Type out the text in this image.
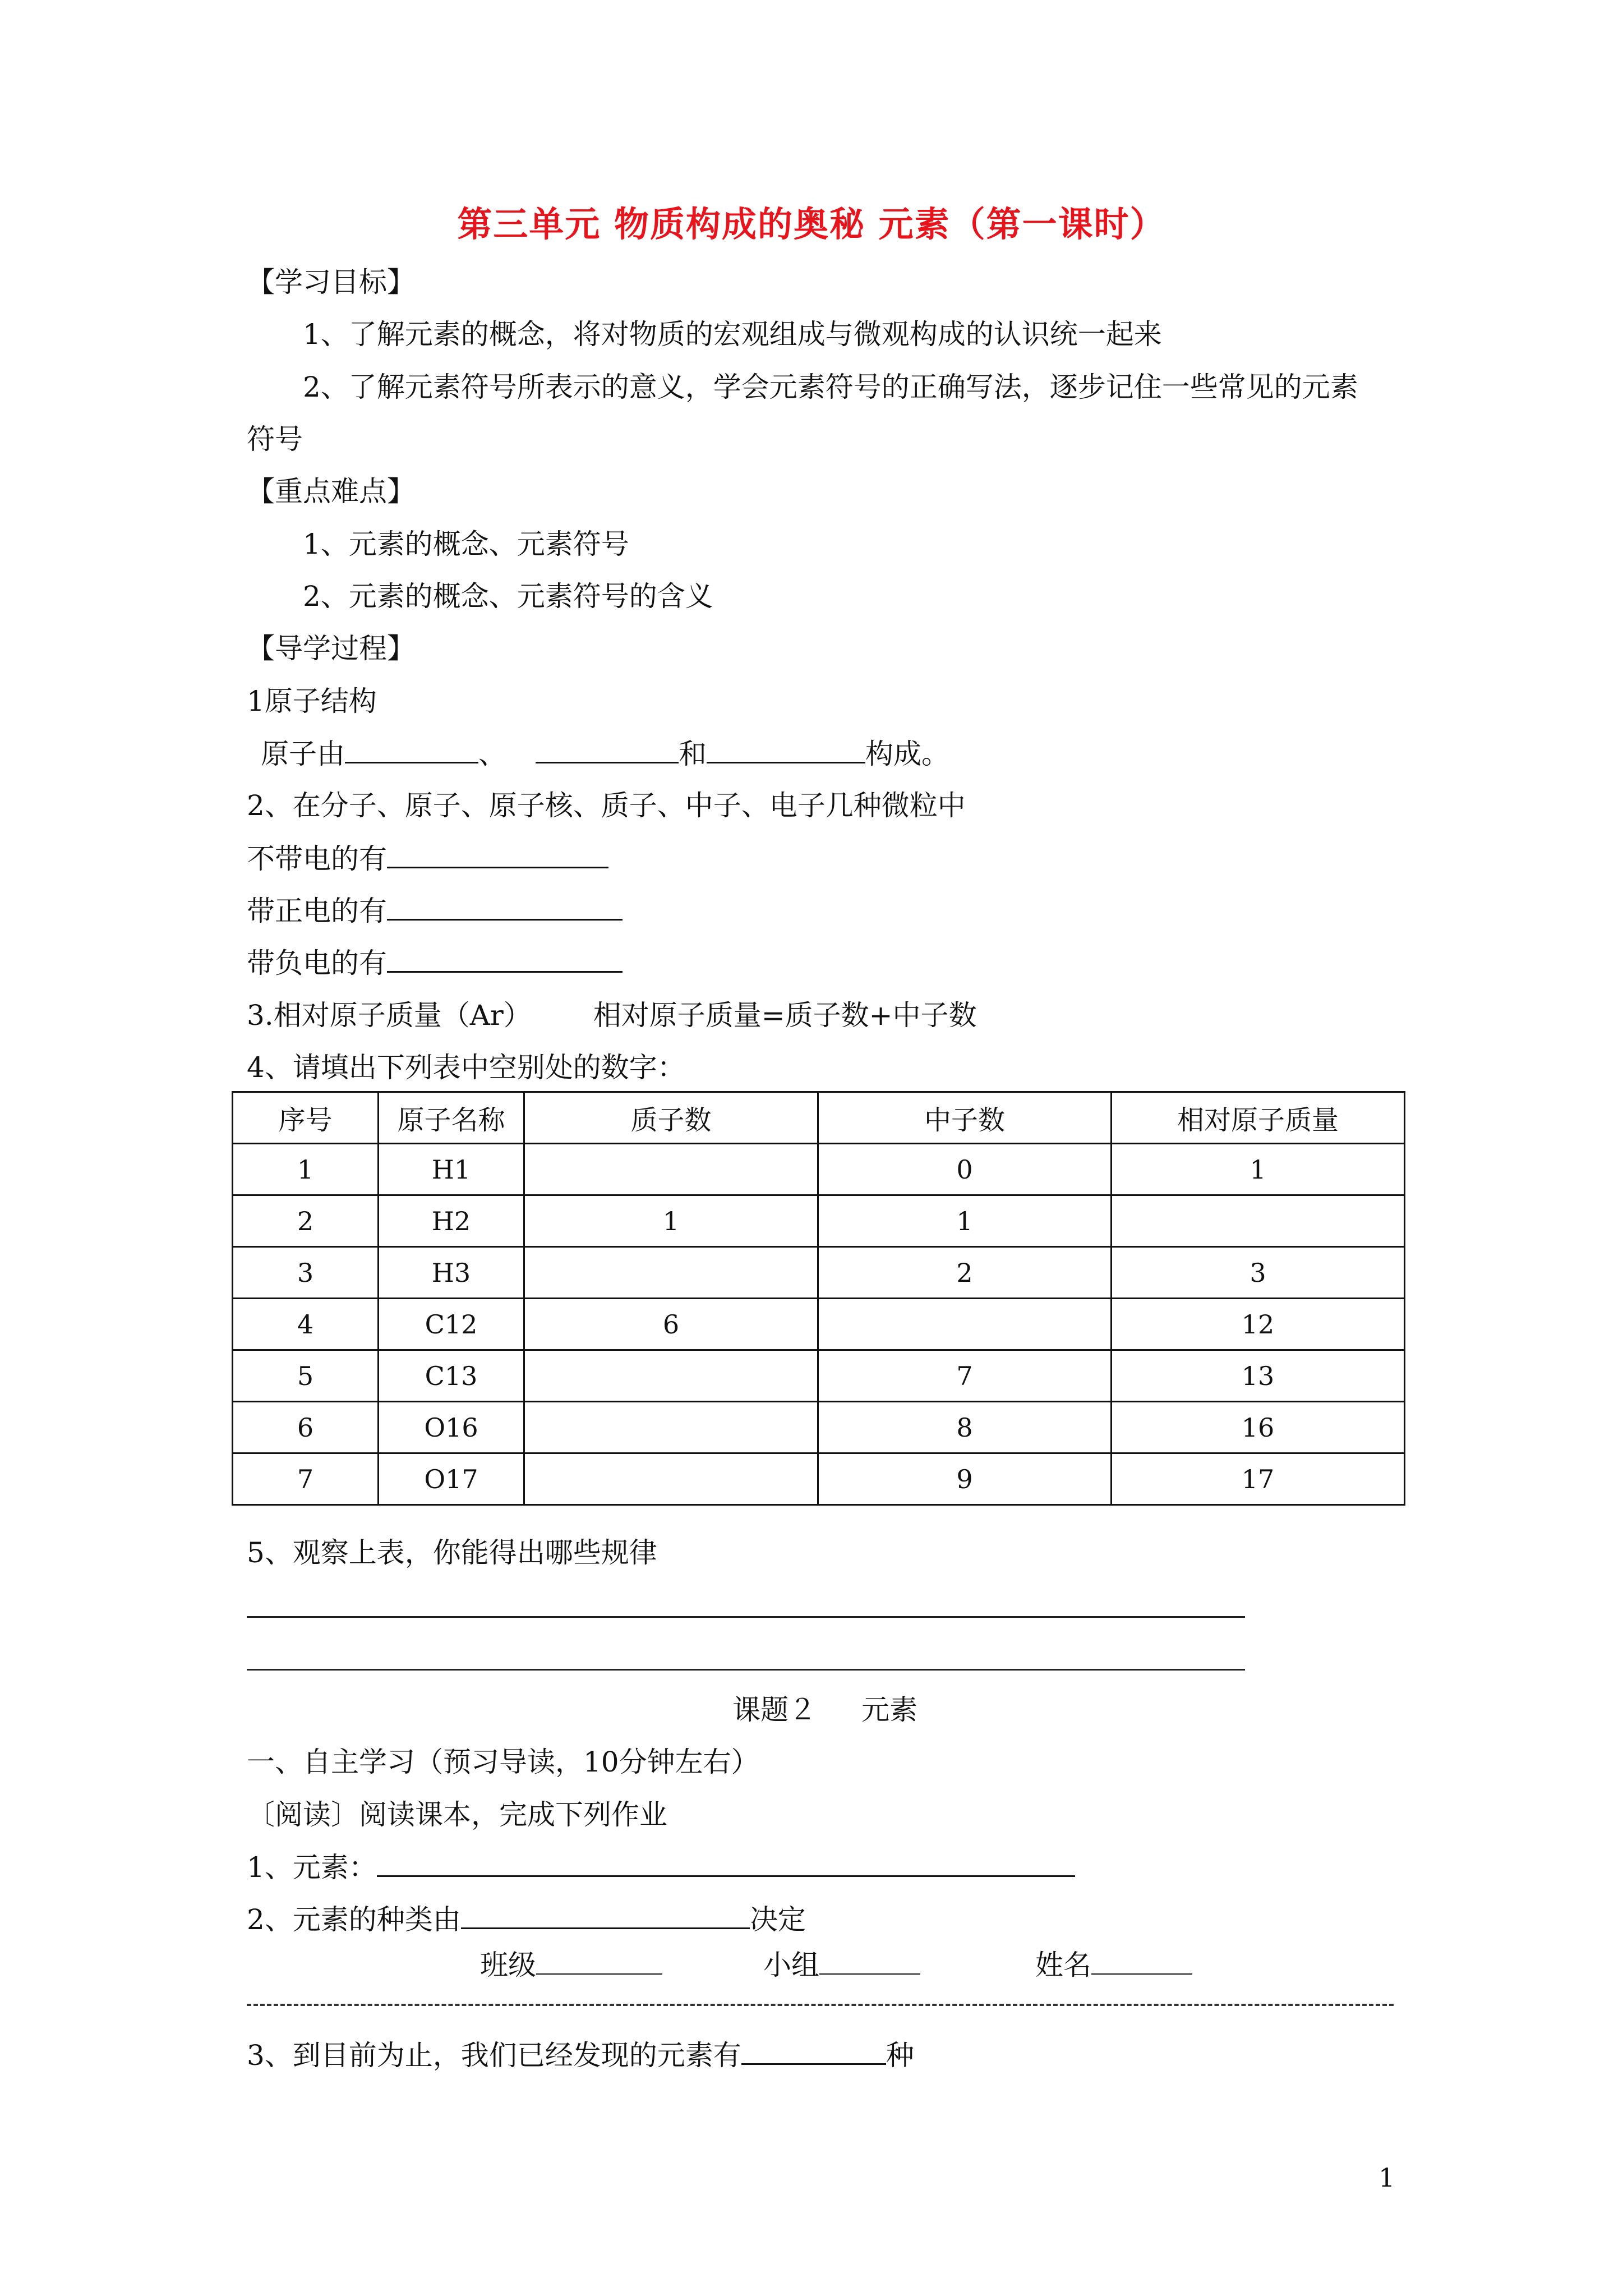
第三单元 物质构成的奥秘 元素（第一课时）
【学习目标】
1、了解元素的概念，将对物质的宏观组成与微观构成的认识统一起来
2、了解元素符号所表示的意义，学会元素符号的正确写法，逐步记住一些常见的元素
符号
【重点难点】
1、元素的概念、元素符号
2、元素的概念、元素符号的含义
【导学过程】
1原子结构
原子由	、	和	构成。
2、在分子、原子、原子核、质子、中子、电子几种微粒中
不带电的有
带正电的有
带负电的有
3.相对原子质量（Ar） 相对原子质量=质子数+中子数
4、请填出下列表中空别处的数字：
序号	原子名称	质子数	中子数	相对原子质量
1	H1		0	1
2	H2	1	1	
3	H3		2	3
4	C12	6		12
5	C13		7	13
6	O16		8	16
7	O17		9	17
5、观察上表，你能得出哪些规律
课题２ 元素
一、自主学习（预习导读，10分钟左右）
〔阅读〕阅读课本，完成下列作业
1、元素：
2、元素的种类由	决定
班级	小组	姓名
3、到目前为止，我们已经发现的元素有	种
1
